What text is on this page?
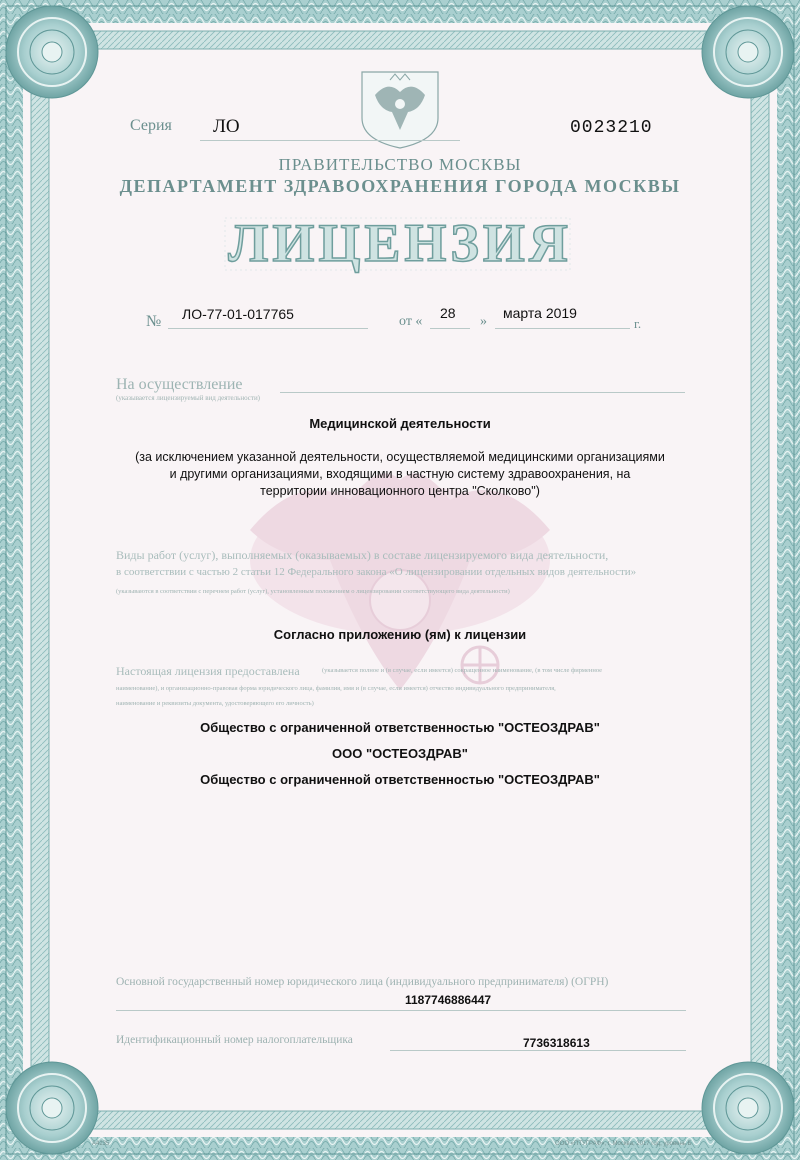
Серия ЛО	0023210
ПРАВИТЕЛЬСТВО МОСКВЫ
ДЕПАРТАМЕНТ ЗДРАВООХРАНЕНИЯ ГОРОДА МОСКВЫ
ЛИЦЕНЗИЯ
№ ЛО-77-01-017765	от «
28
»
марта 2019
г.
На осуществление
(указывается лицензируемый вид деятельности)
Медицинской деятельности
(за исключением указанной деятельности, осуществляемой медицинскими организациями
и другими организациями, входящими в частную систему здравоохранения, на
территории инновационного центра "Сколково")
Виды работ (услуг), выполняемых (оказываемых) в составе лицензируемого вида деятельности,
в соответствии с частью 2 статьи 12 Федерального закона «О лицензировании отдельных видов деятельности»
(указываются в соответствии с перечнем работ (услуг), установленным положением о лицензировании соответствующего вида деятельности)
Согласно приложению (ям) к лицензии
Настоящая лицензия предоставлена	(указывается полное и (в случае, если имеется) сокращенное наименование, (в том числе фирменное
наименование), и организационно-правовая форма юридического лица, фамилия, имя и (в случае, если имеется) отчество индивидуального предпринимателя,
наименование и реквизиты документа, удостоверяющего его личность)
Общество с ограниченной ответственностью "ОСТЕОЗДРАВ"
ООО "ОСТЕОЗДРАВ"
Общество с ограниченной ответственностью "ОСТЕОЗДРАВ"
Основной государственный номер юридического лица (индивидуального предпринимателя) (ОГРН)
1187746886447
Идентификационный номер налогоплательщика	7736318613
А4235	ООО «ПТУГРАФ», г. Москва, 2017 год, уровень Б
